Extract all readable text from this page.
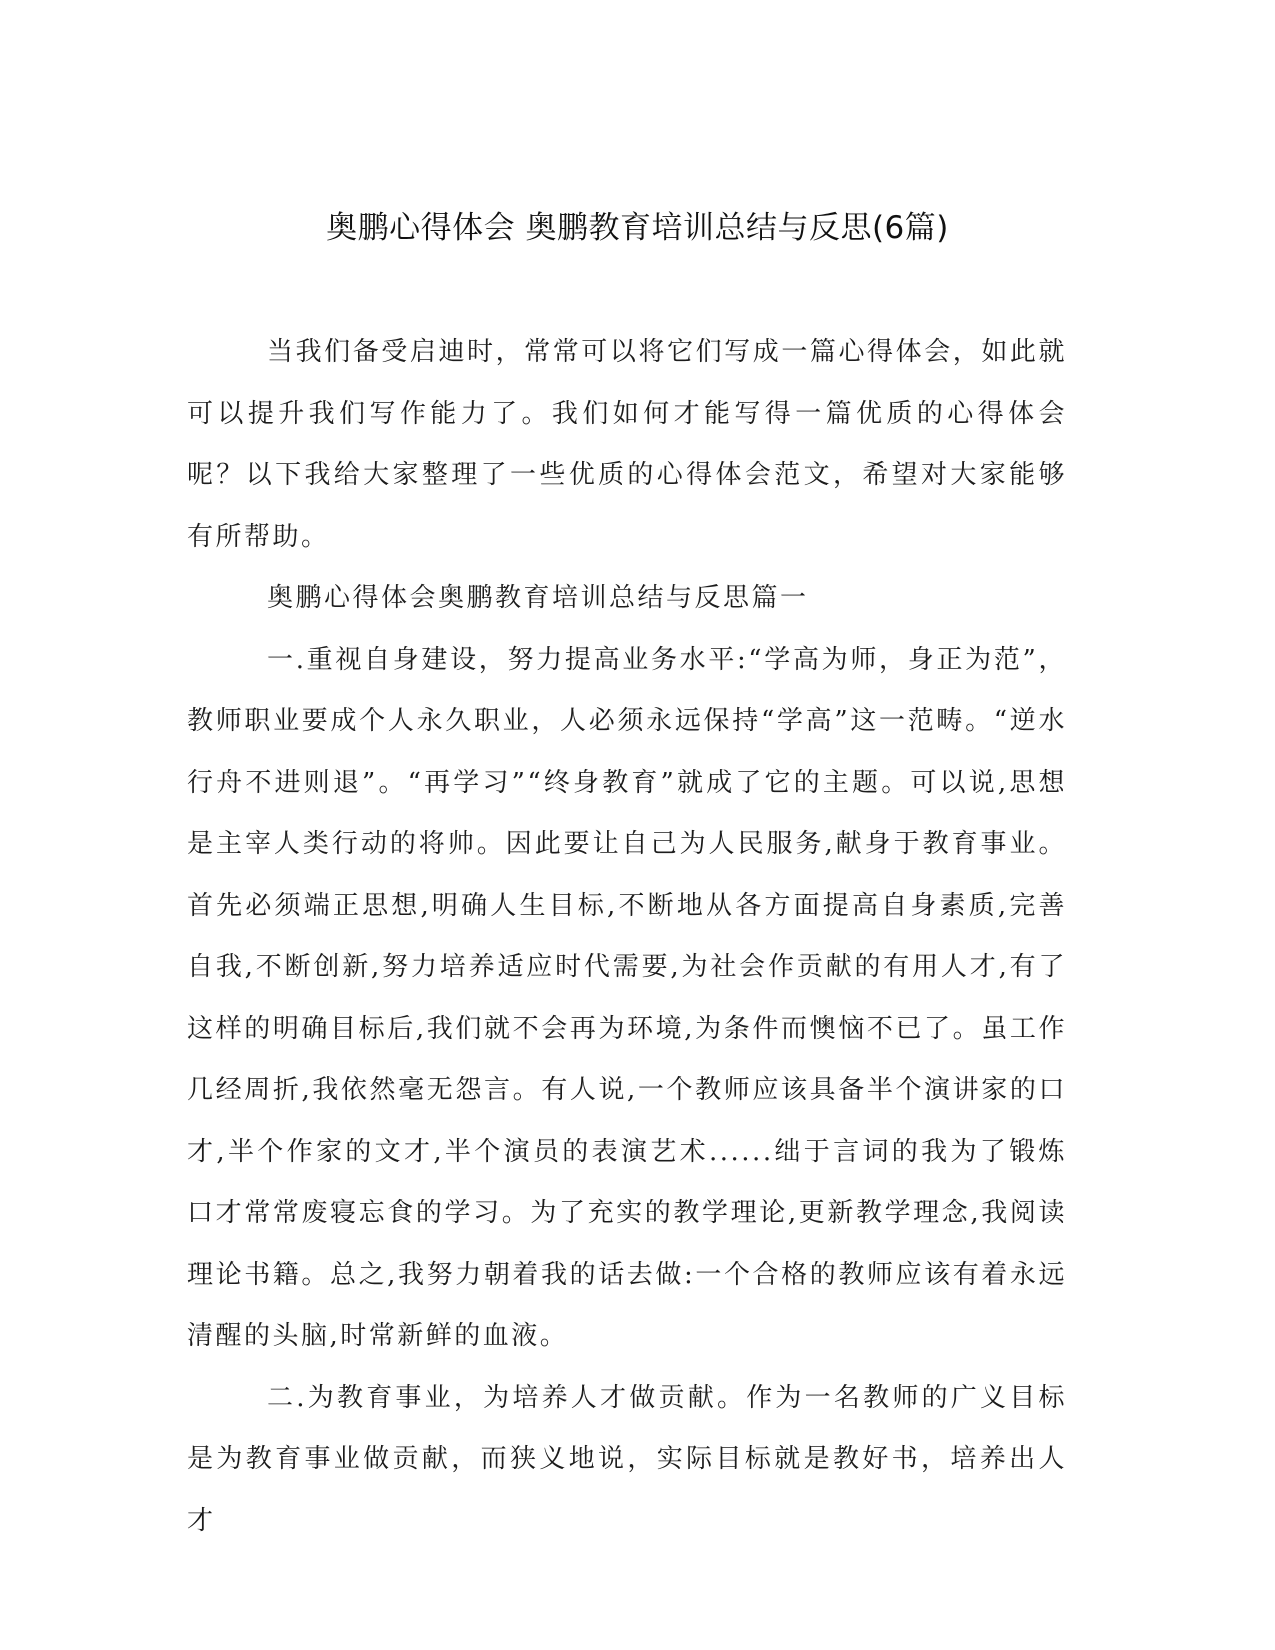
奥鹏心得体会 奥鹏教育培训总结与反思(6篇)

当我们备受启迪时，常常可以将它们写成一篇心得体会，如此就可以提升我们写作能力了。我们如何才能写得一篇优质的心得体会呢？以下我给大家整理了一些优质的心得体会范文，希望对大家能够有所帮助。

奥鹏心得体会奥鹏教育培训总结与反思篇一

一.重视自身建设，努力提高业务水平:“学高为师，身正为范”，教师职业要成个人永久职业，人必须永远保持“学高”这一范畴。“逆水行舟不进则退”。“再学习”“终身教育”就成了它的主题。可以说,思想是主宰人类行动的将帅。因此要让自己为人民服务,献身于教育事业。首先必须端正思想,明确人生目标,不断地从各方面提高自身素质,完善自我,不断创新,努力培养适应时代需要,为社会作贡献的有用人才,有了这样的明确目标后,我们就不会再为环境,为条件而懊恼不已了。虽工作几经周折,我依然毫无怨言。有人说,一个教师应该具备半个演讲家的口才,半个作家的文才,半个演员的表演艺术......绌于言词的我为了锻炼口才常常废寝忘食的学习。为了充实的教学理论,更新教学理念,我阅读理论书籍。总之,我努力朝着我的话去做:一个合格的教师应该有着永远清醒的头脑,时常新鲜的血液。

二.为教育事业，为培养人才做贡献。作为一名教师的广义目标是为教育事业做贡献，而狭义地说，实际目标就是教好书，培养出人才
